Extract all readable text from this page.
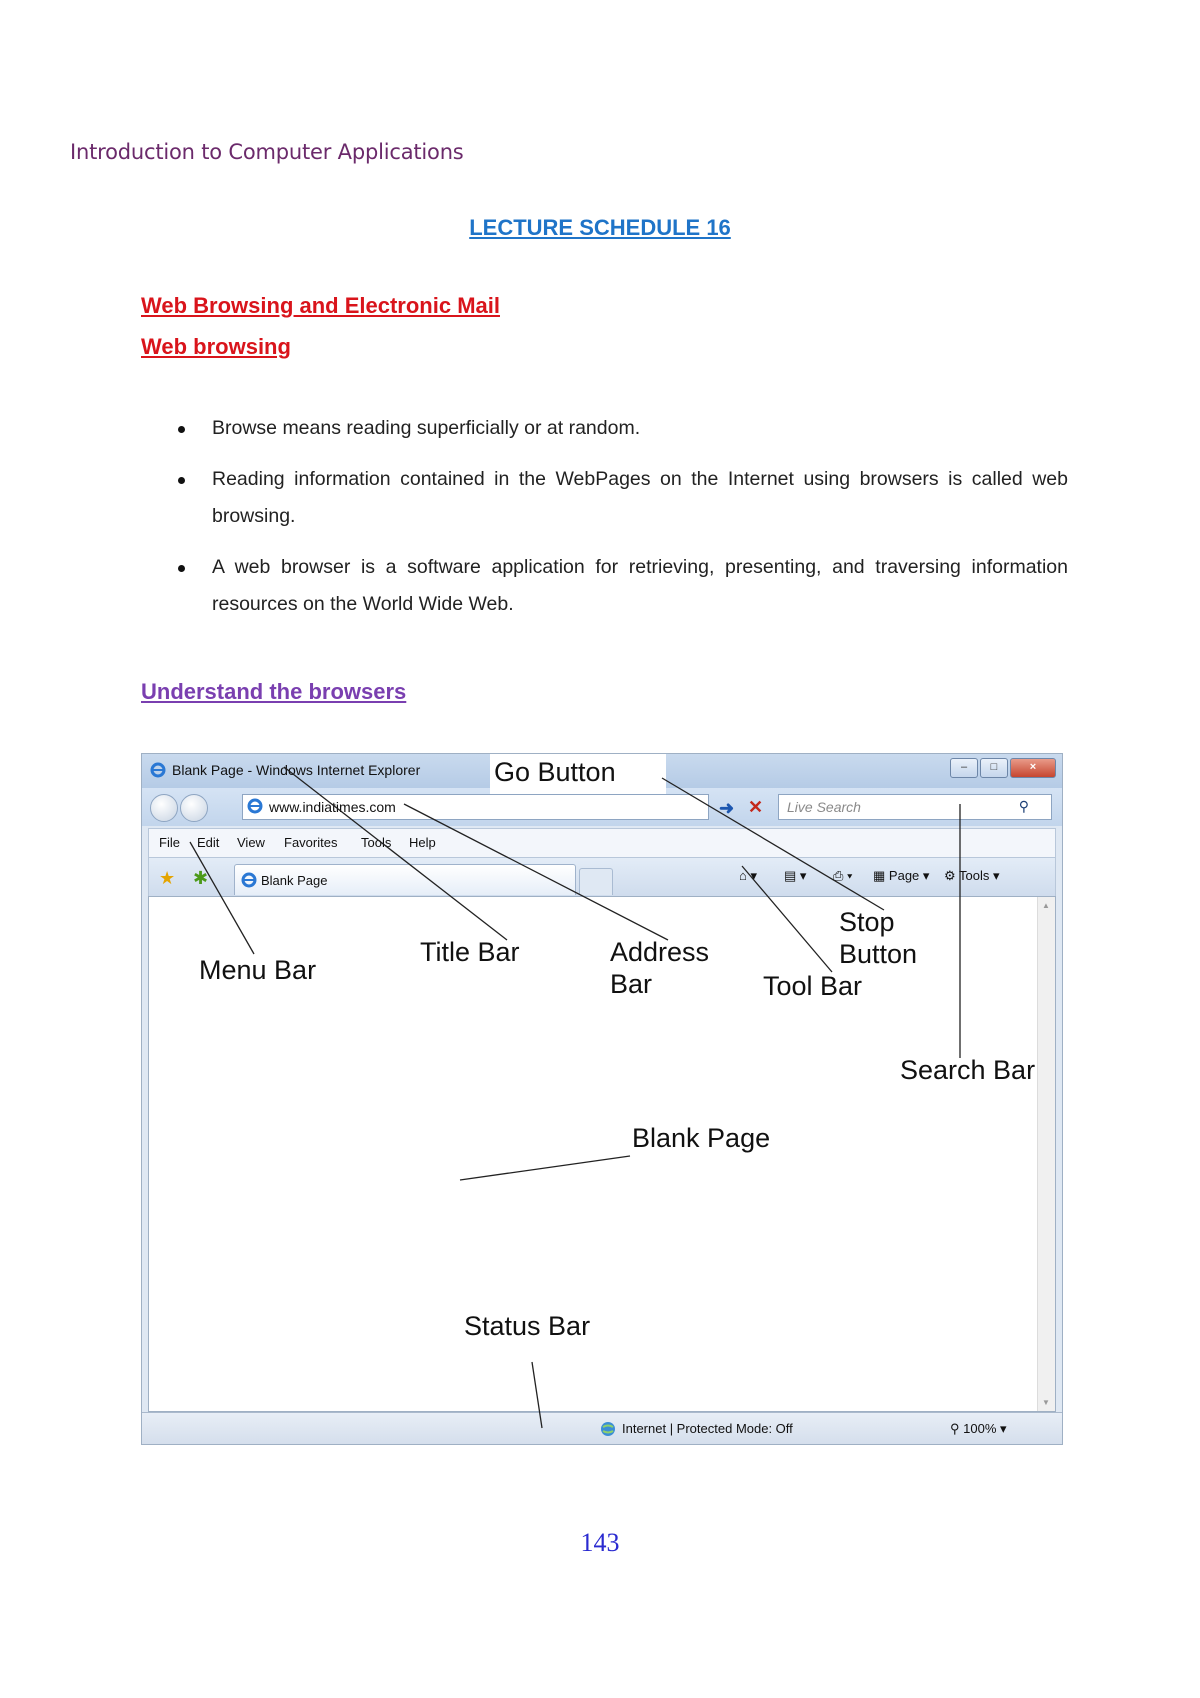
Introduction to Computer Applications
LECTURE SCHEDULE 16
Web Browsing and Electronic Mail
Web browsing
Browse means reading superficially or at random.
Reading information contained in the WebPages on the Internet using browsers is called web browsing.
A web browser is a software application for retrieving, presenting, and traversing information resources on the World Wide Web.
Understand the browsers
Blank Page - Windows Internet Explorer	–	□	×
www.indiatimes.com	➜ ✕ Live Search	⚲
File Edit View Favorites Tools Help
★ ✱	Blank Page	⌂ ▾ ▤ ▾ ⎙ ▾ ▦ Page ▾ ⚙ Tools ▾
▲
▼
Internet | Protected Mode: Off	⚲ 100% ▾
Go Button
Stop
Button
Menu Bar
Title Bar	Address
Bar	Tool Bar
Search Bar
Blank Page
Status Bar
143
